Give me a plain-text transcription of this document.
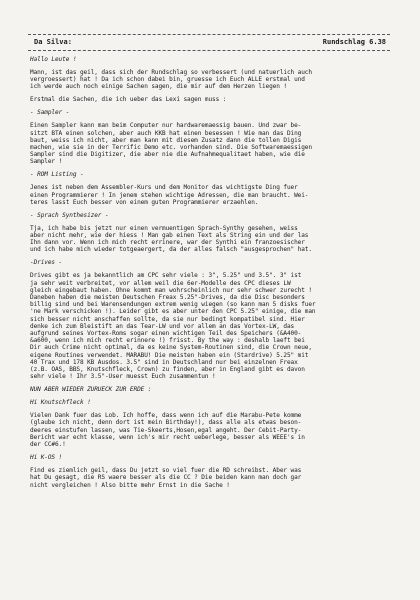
Da Silva:	Rundschlag 6.38

Hallo Leute !

Mann, ist das geil, dass sich der Rundschlag so verbessert (und natuerlich auch

vergroessert) hat ! Da ich schon dabei bin, gruesse ich Euch ALLE erstmal und

ich werde auch noch einige Sachen sagen, die mir auf dem Herzen liegen !

Erstmal die Sachen, die ich ueber das Lexi sagen muss :

- Sampler -

Einen Sampler kann man beim Computer nur hardwaremaessig bauen. Und zwar be-

sitzt BTA einen solchen, aber auch KKB hat einen besessen ! Wie man das Ding

baut, weiss ich nicht, aber man kann mit diesem Zusatz dann die tollen Digis

machen, wie sie in der Terrific Demo etc. vorhanden sind. Die Softwaremaessigen

Sampler sind die Digitizer, die aber nie die Aufnahmequalitaet haben, wie die

Sampler !

- ROM Listing -

Jenes ist neben dem Assembler-Kurs und dem Monitor das wichtigste Ding fuer

einen Programmierer ! In jenem stehen wichtige Adressen, die man braucht. Wei-

teres lasst Euch besser von einem guten Programmierer erzaehlen.

- Sprach Synthesizer -

Tja, ich habe bis jetzt nur einen vermuentigen Sprach-Synthy gesehen, weiss

aber nicht mehr, wie der hiess ! Man gab einen Text als String ein und der las

Ihn dann vor. Wenn ich mich recht errinere, war der Synthi ein franzoesischer

und ich habe mich wieder totgeaergert, da der alles falsch "ausgesprochen" hat.

-Drives -

Drives gibt es ja bekanntlich am CPC sehr viele : 3", 5.25" und 3.5". 3" ist

ja sehr weit verbreitet, vor allem weil die 6er-Modelle des CPC dieses LW

gleich eingebaut haben. Ohne kommt man wohrscheinlich nur sehr schwer zurecht !

Daneben haben die meisten Deutschen Freax 5.25"-Drives, da die Disc besonders

billig sind und bei Warensendungen extrem wenig wiegen (so kann man 5 disks fuer

'ne Mark verschicken !). Leider gibt es aber unter den CPC 5.25" einige, die man

sich besser nicht anschaffen sollte, da sie nur bedingt kompatibel sind. Hier

denke ich zum Bleistift an das Tear-LW und vor allem an das Vortex-LW, das

aufgrund seines Vortex-Roms sogar einen wichtigen Teil des Speichers (&A400-

&a600, wenn ich mich recht erinnere !) frisst. By the way : deshalb laeft bei

Dir auch Crime nicht optimal, da es keine System-Routinen sind, die Crown neue,

eigene Routines verwendet. MARABU! Die meisten haben ein (Stardrive) 5.25" mit

40 Trax und 178 KB Ausdos. 3.5" sind in Deutschland nur bei einzelnen Freax

(z.B. OAS, BBS, Knutschfleck, Crown) zu finden, aber in England gibt es davon

sehr viele ! Ihr 3.5"-User muesst Euch zusammentun !

NUN ABER WIEDER ZURUECK ZUR ERDE :

Hi Knutschfleck !

Vielen Dank fuer das Lob. Ich hoffe, dass wenn ich auf die Marabu-Pete komme

(glaube ich nicht, denn dort ist mein Birthday!), dass alle als etwas beson-

deeres einstufen lassen, was Tie-Skeerts,Hosen,egal angeht. Der Cebit-Party-

Bericht war echt klasse, wenn ich's mir recht ueberlege, besser als WEEE's in

der CC#6.!

Hi K-OS !

Find es ziemlich geil, dass Du jetzt so viel fuer die RD schreibst. Aber was

hat Du gesagt, die RS waere besser als die CC ? Die beiden kann man doch gar

nicht vergleichen ! Also bitte mehr Ernst in die Sache !
